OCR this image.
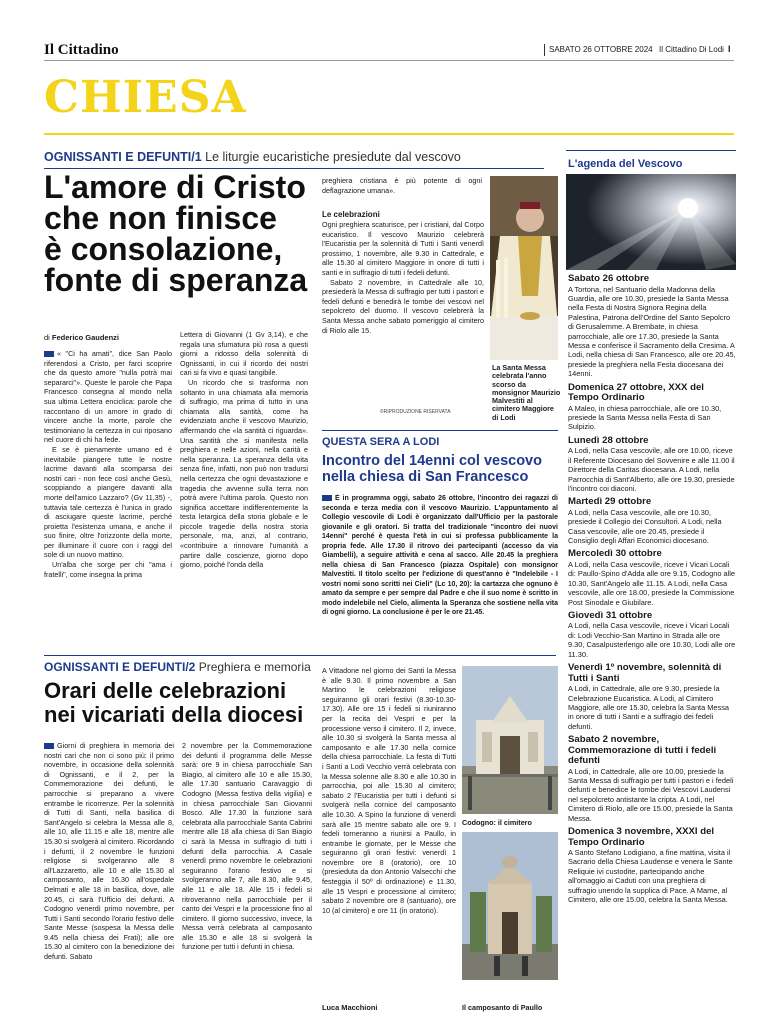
Il Cittadino	SABATO 26 OTTOBRE 2024 Il Cittadino Di Lodi I
CHIESA
OGNISSANTI E DEFUNTI/1 Le liturgie eucaristiche presiedute dal vescovo
L'amore di Cristo
che non finisce
è consolazione,
fonte di speranza
di Federico Gaudenzi

« "Ci ha amati", dice San Paolo riferendosi a Cristo, per farci scoprire che da questo amore "nulla potrà mai separarci"». Queste le parole che Papa Francesco consegna al mondo nella sua ultima Lettera enciclica: parole che raccontano di un amore in grado di vincere anche la morte, parole che testimoniano la certezza in cui riposano nel cuore di chi ha fede.

E se è pienamente umano ed è inevitabile piangere tutte le nostre lacrime davanti alla scomparsa dei nostri cari - non fece così anche Gesù, scoppiando a piangere davanti alla morte dell'amico Lazzaro? (Gv 11,35) -, tuttavia tale certezza è l'unica in grado di asciugare queste lacrime, perché proietta l'esistenza umana, e anche il suo finire, oltre l'orizzonte della morte, per illuminare il cuore con i raggi del sole di un nuovo mattino.

Un'alba che sorge per chi "ama i fratelli", come insegna la prima

Lettera di Giovanni (1 Gv 3,14), e che regala una sfumatura più rosa a questi giorni a ridosso della solennità di Ognissanti, in cui il ricordo dei nostri cari si fa vivo e quasi tangibile.

Un ricordo che si trasforma non soltanto in una chiamata alla memoria di suffragio, ma prima di tutto in una chiamata alla santità, come ha evidenziato anche il vescovo Maurizio, affermando che «la santità ci riguarda». Una santità che si manifesta nella preghiera e nelle azioni, nella carità e nella speranza. La speranza della vita senza fine, infatti, non può non tradursi nella certezza che ogni devastazione e tragedia che avvenne sulla terra non potrà avere l'ultima parola. Questo non significa accettare indifferentemente la testa letargica della storia globale e le piccole tragedie della nostra storia personale, ma, anzi, al contrario, «contribuire a rinnovare l'umanità a partire dalle coscienze, giorno dopo giorno, poiché l'onda della

preghiera cristiana è più potente di ogni deflagrazione umana».

Le celebrazioni

Ogni preghiera scaturisce, per i cristiani, dal Corpo eucaristico. Il vescovo Maurizio celebrerà l'Eucaristia per la solennità di Tutti i Santi venerdì prossimo, 1 novembre, alle 9.30 in Cattedrale, e alle 15.30 al cimitero Maggiore in onore di tutti i santi e in suffragio di tutti i fedeli defunti.

Sabato 2 novembre, in Cattedrale alle 10, presiederà la Messa di suffragio per tutti i pastori e fedeli defunti e benedirà le tombe dei vescovi nel sepolcreto del duomo. Il vescovo celebrerà la Santa Messa anche sabato pomeriggio al cimitero di Riolo alle 15.

©RIPRODUZIONE RISERVATA
La Santa Messa celebrata l'anno scorso da monsignor Maurizio Malvestiti al cimitero Maggiore di Lodi
QUESTA SERA A LODI
Incontro del 14enni col vescovo
nella chiesa di San Francesco

È in programma oggi, sabato 26 ottobre, l'incontro dei ragazzi di seconda e terza media con il vescovo Maurizio. L'appuntamento al Collegio vescovile di Lodi è organizzato dall'Ufficio per la pastorale giovanile e gli oratori. Si tratta del tradizionale "incontro dei nuovi 14enni" perché è questa l'età in cui si professa pubblicamente la propria fede. Alle 17.30 il ritrovo dei partecipanti (accesso da via Giambelli), a seguire attività e cena al sacco. Alle 20.45 la preghiera nella chiesa di San Francesco (piazza Ospitale) con monsignor Malvestiti. Il titolo scelto per l'edizione di quest'anno è "Indelebile - I vostri nomi sono scritti nei Cieli" (Lc 10, 20): la cartazza che ognuno è amato da sempre e per sempre dal Padre e che il suo nome è scritto in modo indelebile nel Cielo, alimenta la Speranza che sostiene nella vita di ogni giorno. La conclusione è per le ore 21.45.

L'agenda del Vescovo

Sabato 26 ottobre
A Tortona, nel Santuario della Madonna della Guardia, alle ore 10.30, presiede la Santa Messa nella Festa di Nostra Signora Regina della Palestina, Patrona dell'Ordine del Santo Sepolcro di Gerusalemme. A Brembate, in chiesa parrocchiale, alle ore 17.30, presiede la Santa Messa e conferisce il Sacramento della Cresima. A Lodi, nella chiesa di San Francesco, alle ore 20.45, presiede la preghiera nella Festa diocesana dei 14enni.

Domenica 27 ottobre, XXX del Tempo Ordinario
A Maleo, in chiesa parrocchiale, alle ore 10.30, presiede la Santa Messa nella Festa di San Sulpizio.

Lunedì 28 ottobre
A Lodi, nella Casa vescovile, alle ore 10.00, riceve il Referente Diocesano del Sovvenire e alle 11.00 il Direttore della Caritas diocesana. A Lodi, nella Parrocchia di Sant'Alberto, alle ore 19.30, presiede l'incontro coi diaconi.

Martedì 29 ottobre
A Lodi, nella Casa vescovile, alle ore 10.30, presiede il Collegio dei Consultori. A Lodi, nella Casa vescovile, alle ore 20.45, presiede il Consiglio degli Affari Economici diocesano.

Mercoledì 30 ottobre
A Lodi, nella Casa vescovile, riceve i Vicari Locali di: Paullo-Spino d'Adda alle ore 9.15, Codogno alle 10.30, Sant'Angelo alle 11.15. A Lodi, nella Casa vescovile, alle ore 18.00, presiede la Commissione Post Sinodale e Giubilare.

Giovedì 31 ottobre
A Lodi, nella Casa vescovile, riceve i Vicari Locali di: Lodi Vecchio-San Martino in Strada alle ore 9.30, Casalpusterlengo alle ore 10.30, Lodi alle ore 11.30.

Venerdì 1º novembre, solennità di Tutti i Santi
A Lodi, in Cattedrale, alle ore 9.30, presiede la Celebrazione Eucaristica. A Lodi, al Cimitero Maggiore, alle ore 15.30, celebra la Santa Messa in onore di tutti i Santi e a suffragio dei fedeli defunti.

Sabato 2 novembre, Commemorazione di tutti i fedeli defunti
A Lodi, in Cattedrale, alle ore 10.00, presiede la Santa Messa di suffragio per tutti i pastori e i fedeli defunti e benedice le tombe dei Vescovi Laudensi nel sepolcreto antistante la cripta. A Lodi, nel Cimitero di Riolo, alle ore 15.00, presiede la Santa Messa.

Domenica 3 novembre, XXXI del Tempo Ordinario
A Santo Stefano Lodigiano, a fine mattina, visita il Sacrario della Chiesa Laudense e venera le Sante Reliquie ivi custodite, partecipando anche all'omaggio ai Caduti con una preghiera di suffragio unendo la supplica di Pace. A Mame, al Cimitero, alle ore 15.00, celebra la Santa Messa.

OGNISSANTI E DEFUNTI/2 Preghiera e memoria
Orari delle celebrazioni
nei vicariati della diocesi

Giorni di preghiera in memoria dei nostri cari che non ci sono più: il primo novembre, in occasione della solennità di Ognissanti, e il 2, per la Commemorazione dei defunti, le parrocchie si preparano a vivere entrambe le ricorrenze. Per la solennità di Tutti di Santi, nella basilica di Sant'Angelo si celebra la Messa alle 8, alle 10, alle 11.15 e alle 18, mentre alle 15.30 si svolgerà al cimitero. Ricordando i defunti, il 2 novembre le funzioni religiose si svolgeranno alle 8 all'Lazzaretto, alle 10 e alle 15.30 al camposanto, alle 16.30 all'ospedale Delmati e alle 18 in basilica, dove, alle 20.45, ci sarà l'Ufficio dei defunti. A Codogno venerdì primo novembre, per Tutti i Santi secondo l'orario festivo delle Sante Messe (sospesa la Messa delle 9.45 nella chiesa dei Frati); alle ore 15.30 al cimitero con la benedizione dei defunti. Sabato

2 novembre per la Commemorazione dei defunti il programma delle Messe sarà: ore 9 in chiesa parrocchiale San Biagio, al cimitero alle 10 e alle 15.30, alle 17.30 santuario Caravaggio di Codogno (Messa festiva della vigilia) e in chiesa parrocchiale San Giovanni Bosco. Alle 17.30 la funzione sarà celebrata alla parrocchiale Santa Cabrini mentre alle 18 alla chiesa di San Biagio ci sarà la Messa in suffragio di tutti i defunti della parrocchia. A Casale venerdì primo novembre le celebrazioni seguiranno l'orario festivo e si svolgeranno alle 7, alle 8.30, alle 9.45, alle 11 e alle 18. Alle 15 i fedeli si ritroveranno nella parrocchiale per il canto dei Vespri e la processione fino al cimitero. Il giorno successivo, invece, la Messa verrà celebrata al camposanto alle 15.30 e alle 18 si svolgerà la funzione per tutti i defunti in chiesa.

A Vittadone nel giorno dei Santi la Messa è alle 9.30. Il primo novembre a San Martino le celebrazioni religiose seguiranno gli orari festivi (8.30-10.30-17.30). Alle ore 15 i fedeli si riuniranno per la recita dei Vespri e per la processione verso il cimitero. Il 2, invece, alle 10.30 si svolgerà la Santa messa al camposanto e alle 17.30 nella cornice della chiesa parrocchiale. La festa di Tutti i Santi a Lodi Vecchio verrà celebrata con la Messa solenne alle 8.30 e alle 10.30 in parrocchia, poi alle 15.30 al cimitero; sabato 2 l'Eucaristia per tutti i defunti si svolgerà nella cornice del camposanto alle 10.30. A Spino la funzione di venerdì sarà alle 15 mentre sabato alle ore 9. I fedeli torneranno a riunirsi a Paullo, in entrambe le giornate, per le Messe che seguiranno gli orari festivi: venerdì 1 novembre ore 8 (oratorio), ore 10 (presieduta da don Antonio Valsecchi che festeggia il 50º di ordinazione) e 11.30, alle 15 Vespri e processione al cimitero; sabato 2 novembre ore 8 (santuario), ore 10 (al cimitero) e ore 11 (in oratorio).

Luca Macchioni
Codogno: il cimitero
Il camposanto di Paullo
